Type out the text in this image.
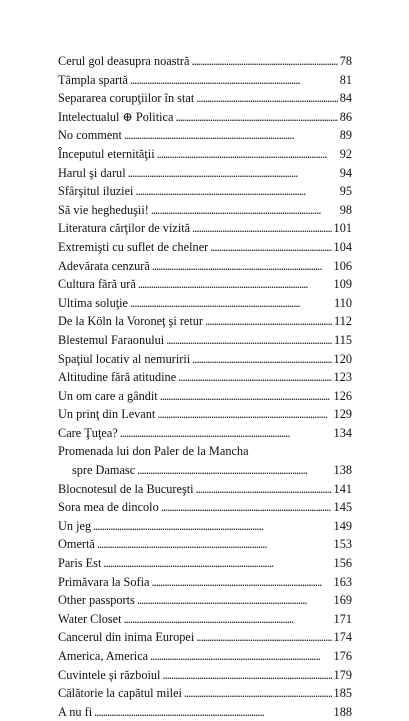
Cerul gol deasupra noastră . . .	78
Tâmpla spartă . . .	81
Separarea corupţiilor în stat . . .	84
Intelectualul ⊕ Politica . . .	86
No comment . . .	89
Începutul eternităţii . . .	92
Harul şi darul . . .	94
Sfârşitul iluziei . . .	95
Să vie hegheduşii! . . .	98
Literatura cărţilor de vizită . . .	101
Extremişti cu suflet de chelner . . .	104
Adevărata cenzură . . .	106
Cultura fără ură . . .	109
Ultima soluţie . . .	110
De la Köln la Voroneţ şi retur . . .	112
Blestemul Faraonului . . .	115
Spaţiul locativ al nemuririi . . .	120
Altitudine fără atitudine . . .	123
Un om care a gândit . . .	126
Un prinţ din Levant . . .	129
Care Ţuţea? . . .	134
Promenada lui don Paler de la Mancha
spre Damasc . . .	138
Blocnotesul de la Bucureşti . . .	141
Sora mea de dincolo . . .	145
Un jeg . . .	149
Omertă . . .	153
Paris Est . . .	156
Primăvara la Sofia . . .	163
Other passports . . .	169
Water Closet . . .	171
Cancerul din inima Europei . . .	174
America, America . . .	176
Cuvintele şi războiul . . .	179
Călătorie la capătul milei . . .	185
A nu fi . . .	188
